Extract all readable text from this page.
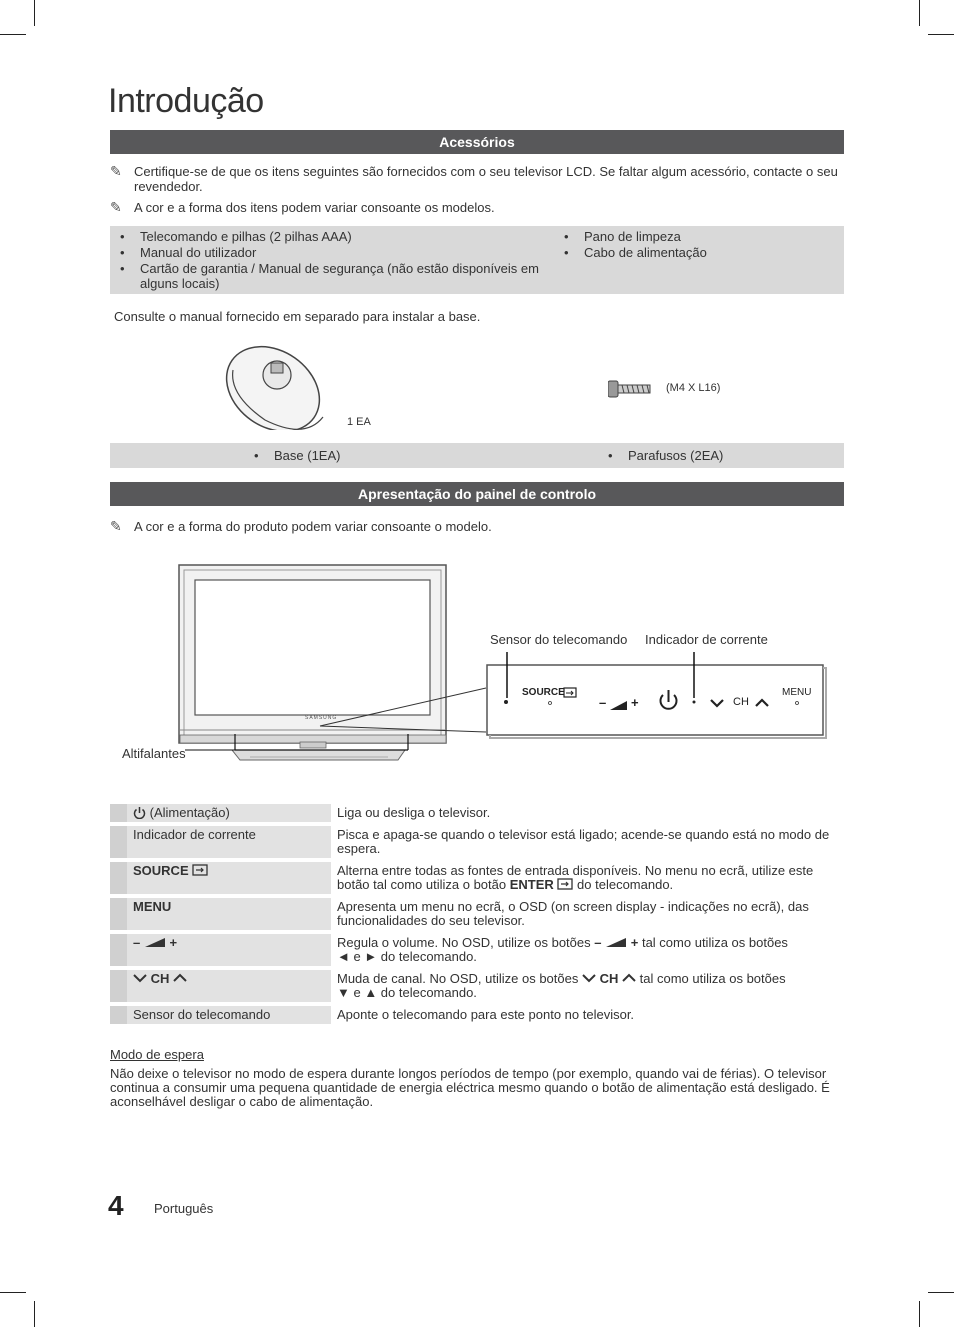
Introdução
Acessórios
✎ Certifique-se de que os itens seguintes são fornecidos com o seu televisor LCD. Se faltar algum acessório, contacte o seu revendedor.
✎ A cor e a forma dos itens podem variar consoante os modelos.
• Telecomando e pilhas (2 pilhas AAA)
• Manual do utilizador
• Cartão de garantia / Manual de segurança (não estão disponíveis em alguns locais)
• Pano de limpeza
• Cabo de alimentação
Consulte o manual fornecido em separado para instalar a base.
1 EA
(M4 X L16)
• Base (1EA)	• Parafusos (2EA)
Apresentação do painel de controlo
✎ A cor e a forma do produto podem variar consoante o modelo.
SAMSUNG
Sensor do telecomando Indicador de corrente
Altifalantes
SOURCE
– +	CH
MENU
	(Alimentação)	Liga ou desliga o televisor.
	Indicador de corrente	Pisca e apaga-se quando o televisor está ligado; acende-se quando está no modo de espera.
	SOURCE	Alterna entre todas as fontes de entrada disponíveis. No menu no ecrã, utilize este botão tal como utiliza o botão ENTER do telecomando.
	MENU	Apresenta um menu no ecrã, o OSD (on screen display - indicações no ecrã), das funcionalidades do seu televisor.
	– +	Regula o volume. No OSD, utilize os botões – + tal como utiliza os botões
◄ e ► do telecomando.
	CH	Muda de canal. No OSD, utilize os botões CH tal como utiliza os botões
▼ e ▲ do telecomando.
	Sensor do telecomando	Aponte o telecomando para este ponto no televisor.
Modo de espera
Não deixe o televisor no modo de espera durante longos períodos de tempo (por exemplo, quando vai de férias). O televisor continua a consumir uma pequena quantidade de energia eléctrica mesmo quando o botão de alimentação está desligado. É aconselhável desligar o cabo de alimentação.
4 Português
